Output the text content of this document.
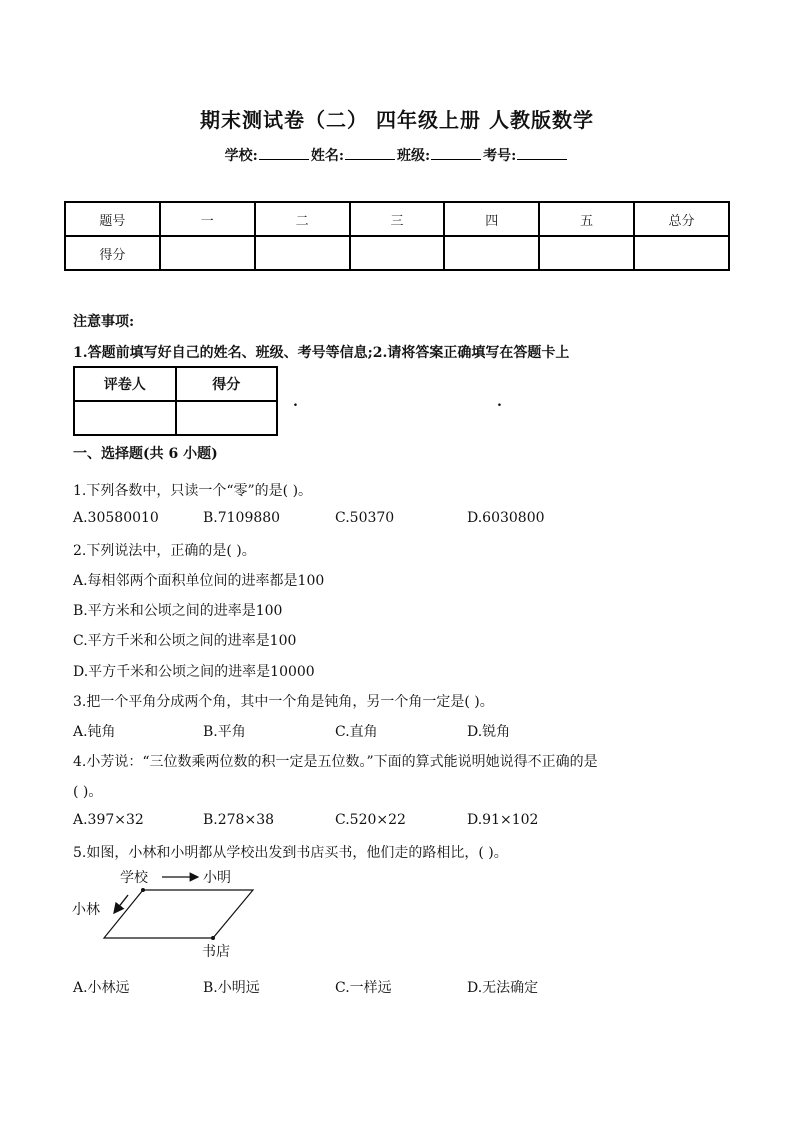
期末测试卷（二） 四年级上册 人教版数学
学校:	姓名:	班级:	考号:
题号	一	二	三	四	五	总分
得分						
注意事项:
1.答题前填写好自己的姓名、班级、考号等信息;2.请将答案正确填写在答题卡上
评卷人	得分

.	.
一、选择题(共 6 小题)
1.下列各数中，只读一个“零”的是( )。
A.30580010	B.7109880	C.50370	D.6030800
2.下列说法中，正确的是( )。
A.每相邻两个面积单位间的进率都是100
B.平方米和公顷之间的进率是100
C.平方千米和公顷之间的进率是100
D.平方千米和公顷之间的进率是10000
3.把一个平角分成两个角，其中一个角是钝角，另一个角一定是( )。
A.钝角	B.平角	C.直角	D.锐角
4.小芳说：“三位数乘两位数的积一定是五位数。”下面的算式能说明她说得不正确的是
( )。
A.397×32	B.278×38	C.520×22	D.91×102
5.如图，小林和小明都从学校出发到书店买书，他们走的路相比，( )。
学校	小明
小林
书店
A.小林远	B.小明远	C.一样远	D.无法确定
